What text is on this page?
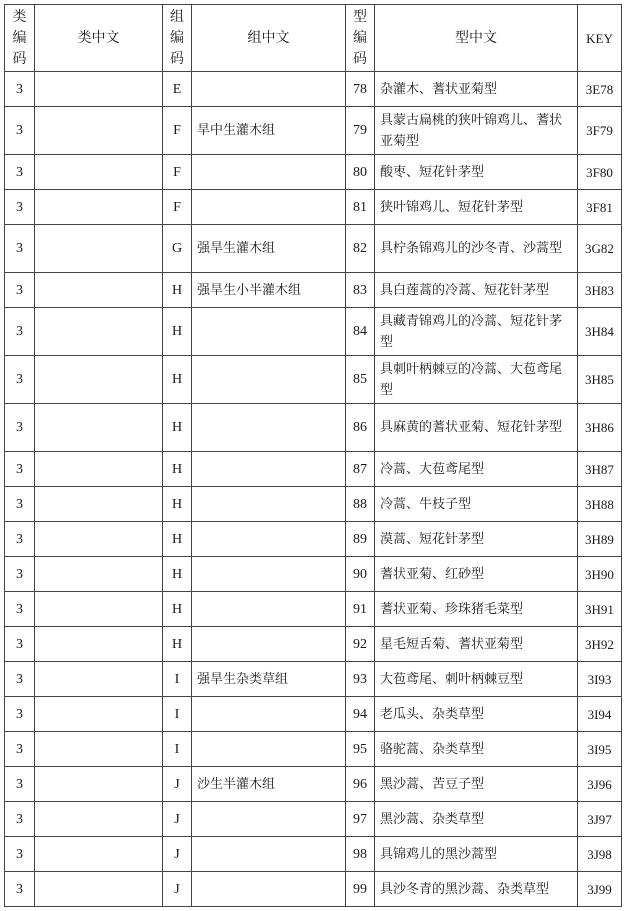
类编码	类中文	组编码	组中文	型编码	型中文	KEY
3		E		78	杂灌木、蓍状亚菊型	3E78
3		F	旱中生灌木组	79	具蒙古扁桃的狭叶锦鸡儿、蓍状亚菊型	3F79
3		F		80	酸枣、短花针茅型	3F80
3		F		81	狭叶锦鸡儿、短花针茅型	3F81
3		G	强旱生灌木组	82	具柠条锦鸡儿的沙冬青、沙蒿型	3G82
3		H	强旱生小半灌木组	83	具白莲蒿的冷蒿、短花针茅型	3H83
3		H		84	具藏青锦鸡儿的冷蒿、短花针茅型	3H84
3		H		85	具刺叶柄棘豆的冷蒿、大苞鸢尾型	3H85
3		H		86	具麻黄的蓍状亚菊、短花针茅型	3H86
3		H		87	冷蒿、大苞鸢尾型	3H87
3		H		88	冷蒿、牛枝子型	3H88
3		H		89	漠蒿、短花针茅型	3H89
3		H		90	蓍状亚菊、红砂型	3H90
3		H		91	蓍状亚菊、珍珠猪毛菜型	3H91
3		H		92	星毛短舌菊、蓍状亚菊型	3H92
3		I	强旱生杂类草组	93	大苞鸢尾、刺叶柄棘豆型	3I93
3		I		94	老瓜头、杂类草型	3I94
3		I		95	骆驼蒿、杂类草型	3I95
3		J	沙生半灌木组	96	黑沙蒿、苦豆子型	3J96
3		J		97	黑沙蒿、杂类草型	3J97
3		J		98	具锦鸡儿的黑沙蒿型	3J98
3		J		99	具沙冬青的黑沙蒿、杂类草型	3J99
